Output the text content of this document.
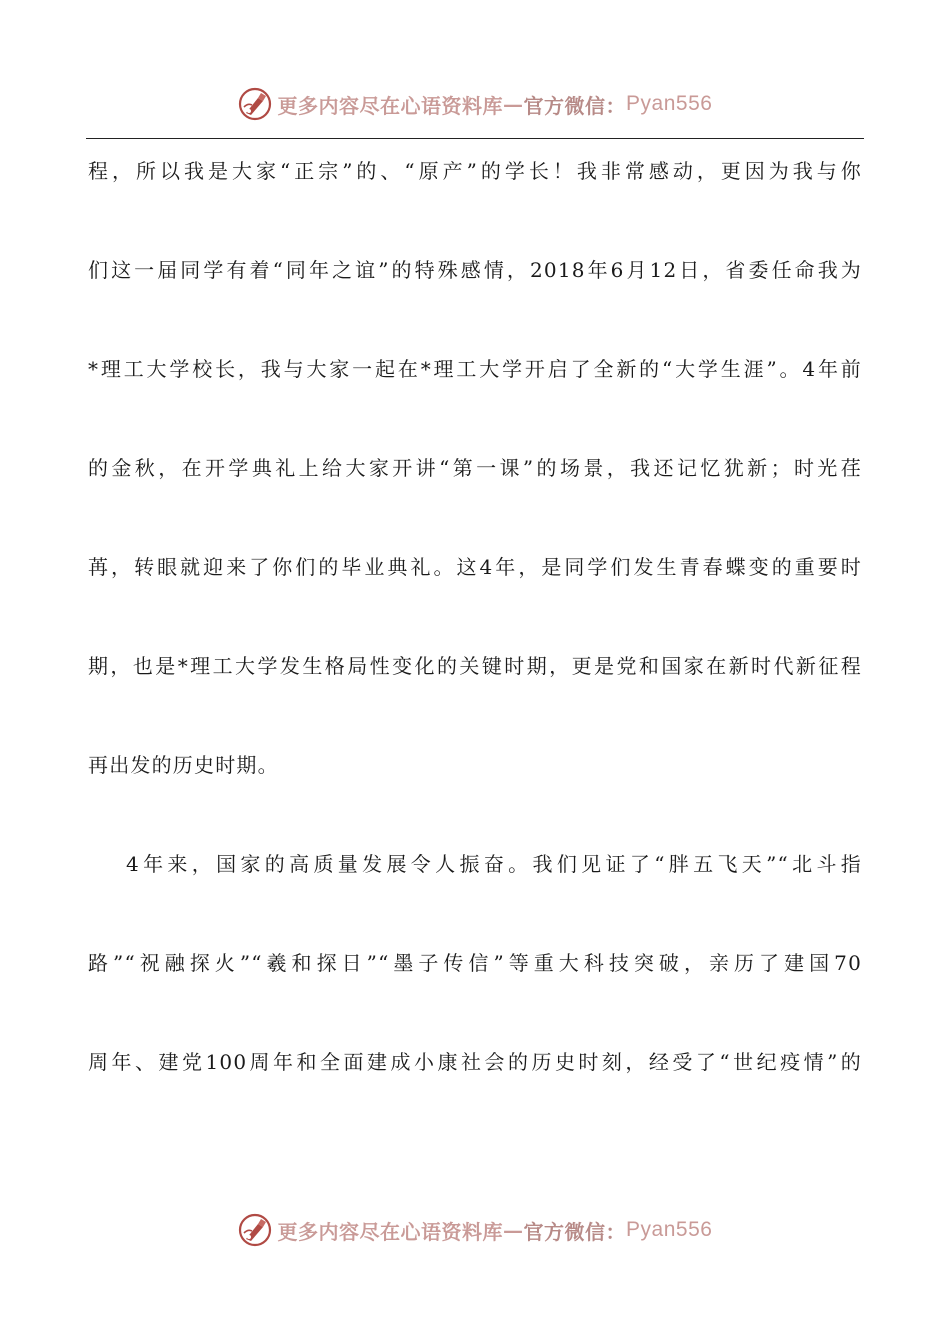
更多内容尽在心语资料库 — 官方微信： Pyan556
程，所以我是大家“正宗”的、“原产”的学长！我非常感动，更因为我与你
们这一届同学有着“同年之谊”的特殊感情，2018年6月12日，省委任命我为
*理工大学校长，我与大家一起在*理工大学开启了全新的“大学生涯”。4年前
的金秋，在开学典礼上给大家开讲“第一课”的场景，我还记忆犹新；时光荏
苒，转眼就迎来了你们的毕业典礼。这4年，是同学们发生青春蝶变的重要时
期，也是*理工大学发生格局性变化的关键时期，更是党和国家在新时代新征程
再出发的历史时期。
4年来，国家的高质量发展令人振奋。我们见证了“胖五飞天”“北斗指
路”“祝融探火”“羲和探日”“墨子传信”等重大科技突破，亲历了建国70
周年、建党100周年和全面建成小康社会的历史时刻，经受了“世纪疫情”的
更多内容尽在心语资料库 — 官方微信： Pyan556
